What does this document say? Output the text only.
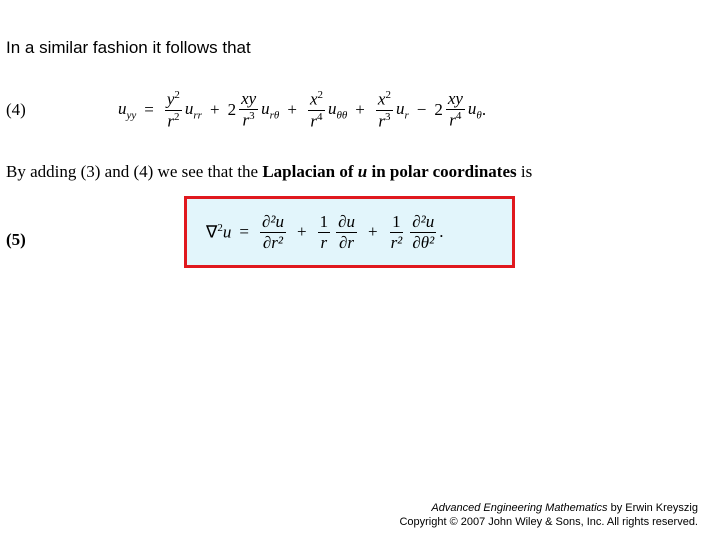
In a similar fashion it follows that
(4)	$u_{yy} = \frac{y^2}{r^2} u_{rr} + 2 \frac{xy}{r^3} u_{r\theta} + \frac{x^2}{r^4} u_{\theta\theta} + \frac{x^2}{r^3} u_r - 2 \frac{xy}{r^4} u_\theta$ .
By adding (3) and (4) we see that the Laplacian of u in polar coordinates is
(5)	$\nabla^2u = \frac{\text{∂²u}}{\text{∂r²}} + \frac{1}{r} \frac{\partial u}{\partial r} + \frac{1}{\text{r²}} \frac{\text{∂²u}}{\text{∂θ²}}$ .
Advanced Engineering Mathematics by Erwin Kreyszig
Copyright © 2007 John Wiley & Sons, Inc. All rights reserved.
